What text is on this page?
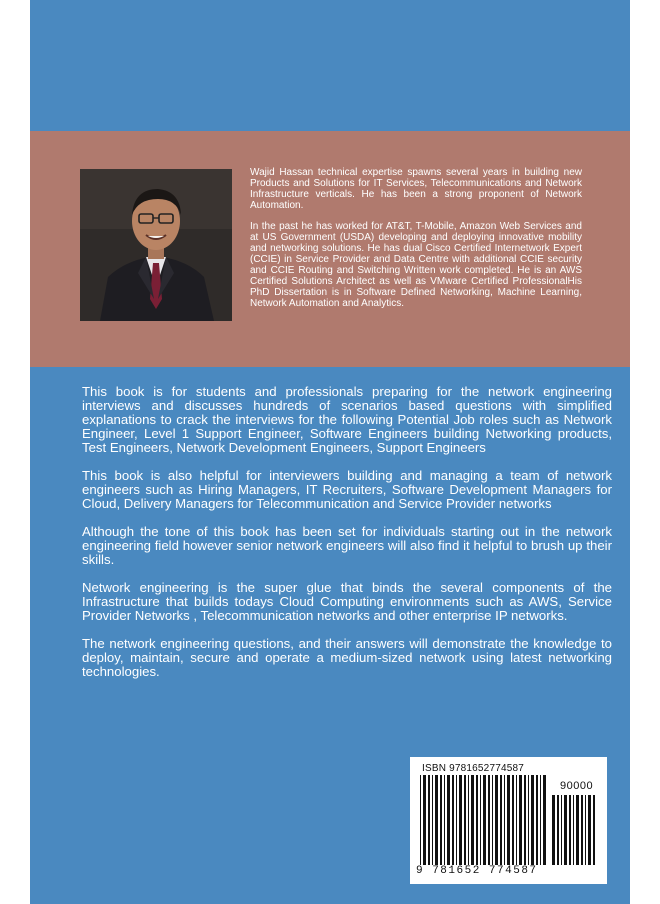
Wajid Hassan technical expertise spawns several years in building new Products and Solutions for IT Services, Telecommunications and Network Infrastructure verticals. He has been a strong proponent of Network Automation.

In the past he has worked for AT&T, T-Mobile, Amazon Web Services and at US Government (USDA) developing and deploying innovative mobility and networking solutions. He has dual Cisco Certified Internetwork Expert (CCIE) in Service Provider and Data Centre with additional CCIE security and CCIE Routing and Switching Written work completed. He is an AWS Certified Solutions Architect as well as VMware Certified ProfessionalHis PhD Dissertation is in Software Defined Networking, Machine Learning, Network Automation and Analytics.

This book is for students and professionals preparing for the network engineering interviews and discusses hundreds of scenarios based questions with simplified explanations to crack the interviews for the following Potential Job roles such as Network Engineer, Level 1 Support Engineer, Software Engineers building Networking products, Test Engineers, Network Development Engineers, Support Engineers

This book is also helpful for interviewers building and managing a team of network engineers such as Hiring Managers, IT Recruiters, Software Development Managers for Cloud, Delivery Managers for Telecommunication and Service Provider networks

Although the tone of this book has been set for individuals starting out in the network engineering field however senior network engineers will also find it helpful to brush up their skills.

Network engineering is the super glue that binds the several components of the Infrastructure that builds todays Cloud Computing environments such as AWS, Service Provider Networks , Telecommunication networks and other enterprise IP networks.

The network engineering questions, and their answers will demonstrate the knowledge to deploy, maintain, secure and operate a medium-sized network using latest networking technologies.

ISBN 9781652774587
90000
9 781652 774587
